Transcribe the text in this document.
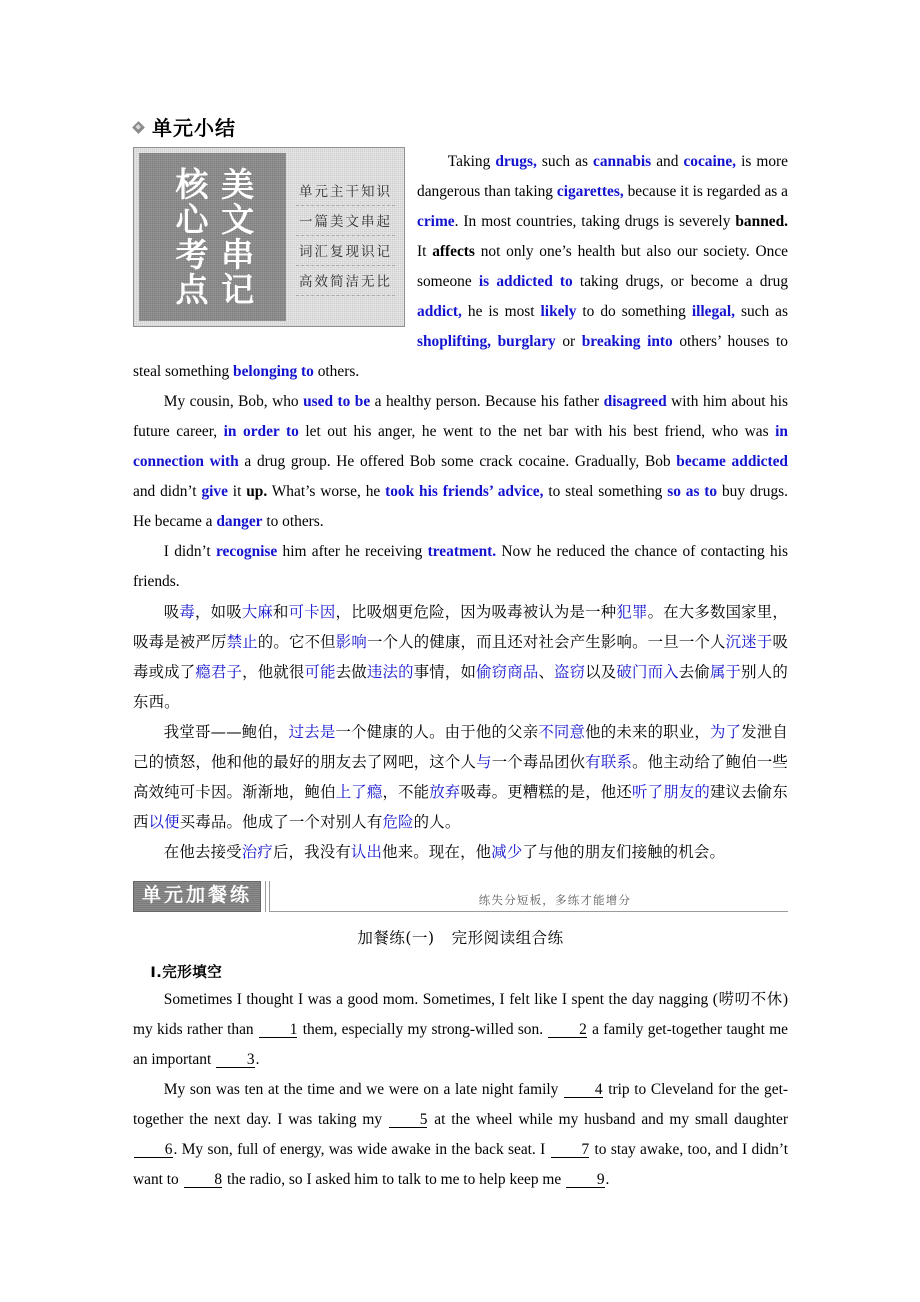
单元小结
核心考点 美文串记	单元主干知识
一篇美文串起
词汇复现识记
高效简洁无比

Taking drugs, such as cannabis and cocaine, is more dangerous than taking cigarettes, because it is regarded as a crime. In most countries, taking drugs is severely banned. It affects not only one’s health but also our society. Once someone is addicted to taking drugs, or become a drug addict, he is most likely to do something illegal, such as shoplifting, burglary or breaking into others’ houses to steal something belonging to others.

My cousin, Bob, who used to be a healthy person. Because his father disagreed with him about his future career, in order to let out his anger, he went to the net bar with his best friend, who was in connection with a drug group. He offered Bob some crack cocaine. Gradually, Bob became addicted and didn’t give it up. What’s worse, he took his friends’ advice, to steal something so as to buy drugs. He became a danger to others.

I didn’t recognise him after he receiving treatment. Now he reduced the chance of contacting his friends.

吸毒，如吸大麻和可卡因，比吸烟更危险，因为吸毒被认为是一种犯罪。在大多数国家里，吸毒是被严厉禁止的。它不但影响一个人的健康，而且还对社会产生影响。一旦一个人沉迷于吸毒或成了瘾君子，他就很可能去做违法的事情，如偷窃商品、盗窃以及破门而入去偷属于别人的东西。

我堂哥——鲍伯，过去是一个健康的人。由于他的父亲不同意他的未来的职业，为了发泄自己的愤怒，他和他的最好的朋友去了网吧，这个人与一个毒品团伙有联系。他主动给了鲍伯一些高效纯可卡因。渐渐地，鲍伯上了瘾，不能放弃吸毒。更糟糕的是，他还听了朋友的建议去偷东西以便买毒品。他成了一个对别人有危险的人。

在他去接受治疗后，我没有认出他来。现在，他减少了与他的朋友们接触的机会。

单元加餐练	练失分短板，多练才能增分
加餐练(一) 完形阅读组合练
Ⅰ.完形填空

Sometimes I thought I was a good mom. Sometimes, I felt like I spent the day nagging (唠叨不休) my kids rather than 1 them, especially my strong-willed son. 2 a family get-together taught me an important 3.

My son was ten at the time and we were on a late night family 4 trip to Cleveland for the get-together the next day. I was taking my 5 at the wheel while my husband and my small daughter 6. My son, full of energy, was wide awake in the back seat. I 7 to stay awake, too, and I didn’t want to 8 the radio, so I asked him to talk to me to help keep me 9.
